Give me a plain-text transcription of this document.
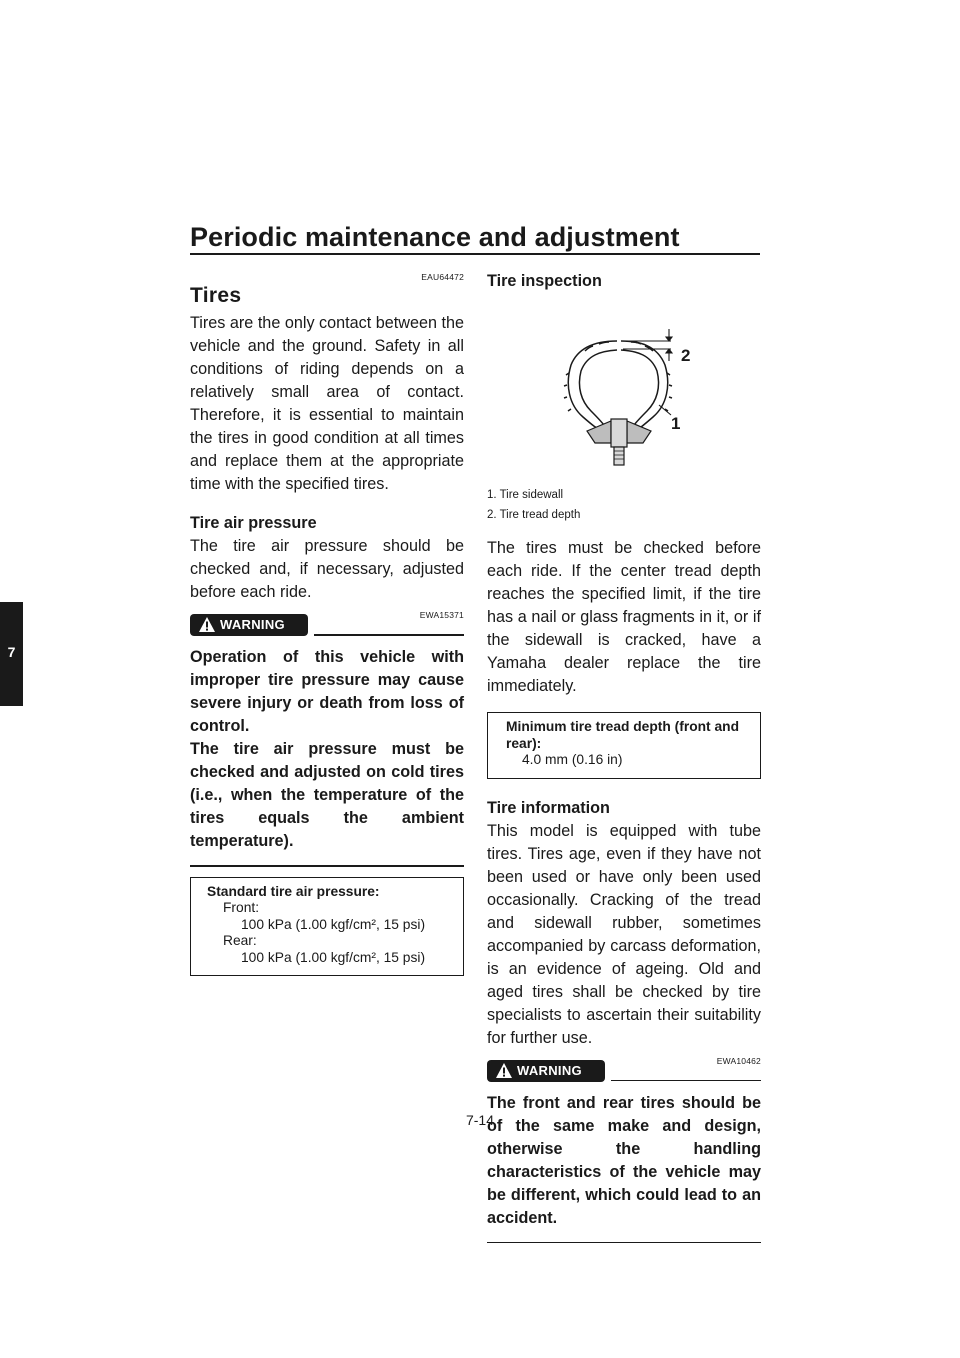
Periodic maintenance and adjustment
7
EAU64472
Tires
Tires are the only contact between the vehicle and the ground. Safety in all conditions of riding depends on a relatively small area of contact. Therefore, it is essential to maintain the tires in good condition at all times and replace them at the appropriate time with the specified tires.
Tire air pressure
The tire air pressure should be checked and, if necessary, adjusted before each ride.
EWA15371
WARNING
Operation of this vehicle with improper tire pressure may cause severe injury or death from loss of control.
The tire air pressure must be checked and adjusted on cold tires (i.e., when the temperature of the tires equals the ambient temperature).
Standard tire air pressure:
Front:
100 kPa (1.00 kgf/cm², 15 psi)
Rear:
100 kPa (1.00 kgf/cm², 15 psi)
Tire inspection
2
1
1. Tire sidewall
2. Tire tread depth
The tires must be checked before each ride. If the center tread depth reaches the specified limit, if the tire has a nail or glass fragments in it, or if the sidewall is cracked, have a Yamaha dealer replace the tire immediately.
Minimum tire tread depth (front and rear):
4.0 mm (0.16 in)
Tire information
This model is equipped with tube tires. Tires age, even if they have not been used or have only been used occasionally. Cracking of the tread and sidewall rubber, sometimes accompanied by carcass deformation, is an evidence of ageing. Old and aged tires shall be checked by tire specialists to ascertain their suitability for further use.
EWA10462
WARNING
The front and rear tires should be of the same make and design, otherwise the handling characteristics of the vehicle may be different, which could lead to an accident.
7-14
